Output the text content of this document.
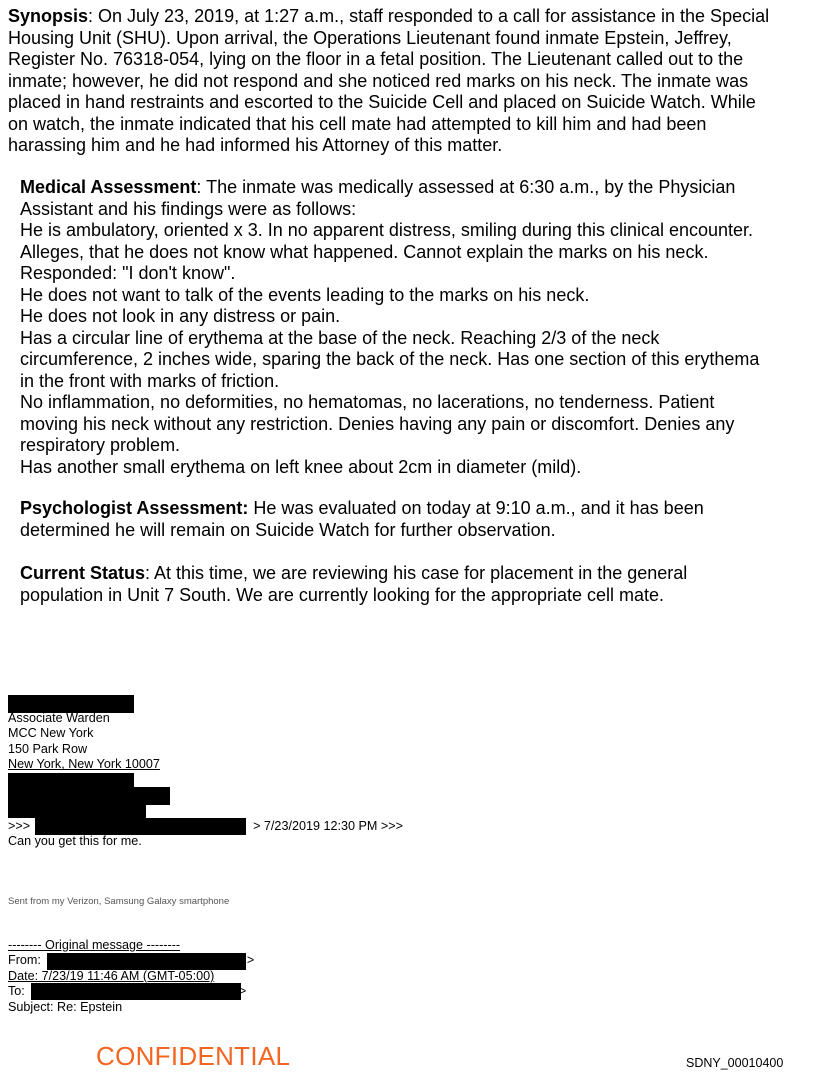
Synopsis: On July 23, 2019, at 1:27 a.m., staff responded to a call for assistance in the Special
Housing Unit (SHU). Upon arrival, the Operations Lieutenant found inmate Epstein, Jeffrey,
Register No. 76318-054, lying on the floor in a fetal position. The Lieutenant called out to the
inmate; however, he did not respond and she noticed red marks on his neck. The inmate was
placed in hand restraints and escorted to the Suicide Cell and placed on Suicide Watch. While
on watch, the inmate indicated that his cell mate had attempted to kill him and had been
harassing him and he had informed his Attorney of this matter.
Medical Assessment: The inmate was medically assessed at 6:30 a.m., by the Physician
Assistant and his findings were as follows:
He is ambulatory, oriented x 3. In no apparent distress, smiling during this clinical encounter.
Alleges, that he does not know what happened. Cannot explain the marks on his neck.
Responded: "I don't know".
He does not want to talk of the events leading to the marks on his neck.
He does not look in any distress or pain.
Has a circular line of erythema at the base of the neck. Reaching 2/3 of the neck
circumference, 2 inches wide, sparing the back of the neck. Has one section of this erythema
in the front with marks of friction.
No inflammation, no deformities, no hematomas, no lacerations, no tenderness. Patient
moving his neck without any restriction. Denies having any pain or discomfort. Denies any
respiratory problem.
Has another small erythema on left knee about 2cm in diameter (mild).
Psychologist Assessment: He was evaluated on today at 9:10 a.m., and it has been
determined he will remain on Suicide Watch for further observation.
Current Status: At this time, we are reviewing his case for placement in the general
population in Unit 7 South. We are currently looking for the appropriate cell mate.
Associate Warden
MCC New York
150 Park Row
New York, New York 10007
>>>	> 7/23/2019 12:30 PM >>>
Can you get this for me.
Sent from my Verizon, Samsung Galaxy smartphone
-------- Original message --------
From:	>
Date: 7/23/19 11:46 AM (GMT-05:00)
To:	>
Subject: Re: Epstein
CONFIDENTIAL	SDNY_00010400
